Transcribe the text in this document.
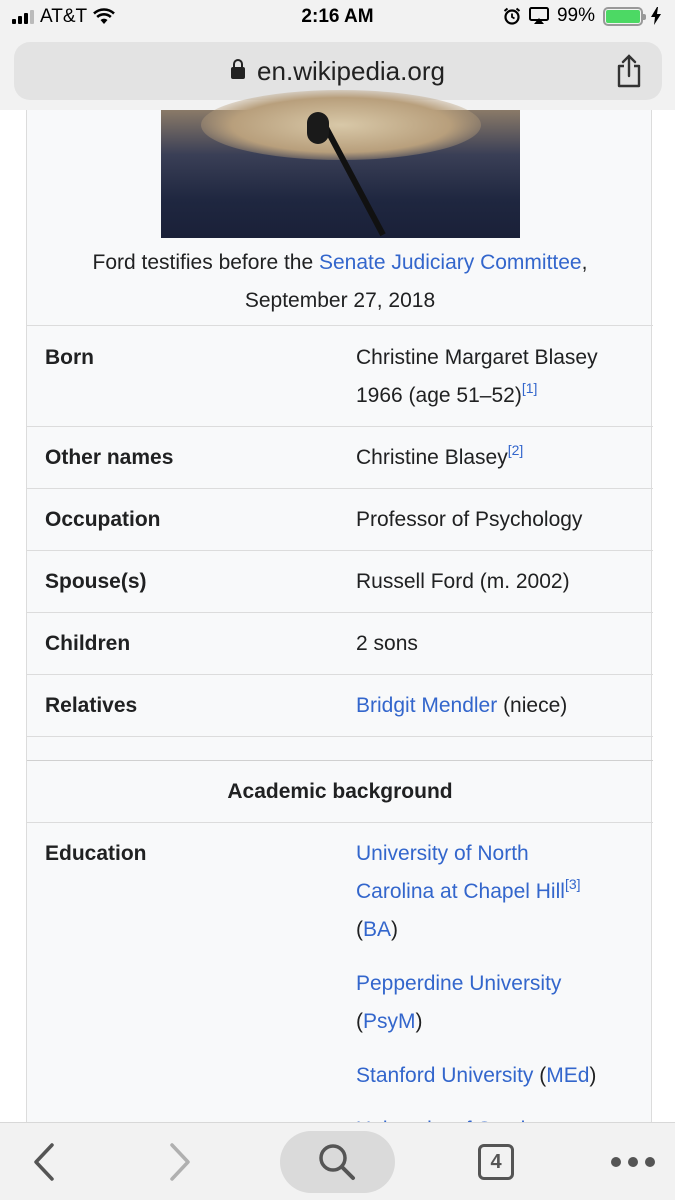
AT&T	2:16 AM	99%
en.wikipedia.org
Ford testifies before the Senate Judiciary Committee,
September 27, 2018
Born	Christine Margaret Blasey
1966 (age 51–52)[1]
Other names	Christine Blasey[2]
Occupation	Professor of Psychology
Spouse(s)	Russell Ford (m. 2002)
Children	2 sons
Relatives	Bridgit Mendler (niece)
Academic background
Education	University of North
Carolina at Chapel Hill[3]
(BA)
Pepperdine University
(PsyM)
Stanford University (MEd)
4
